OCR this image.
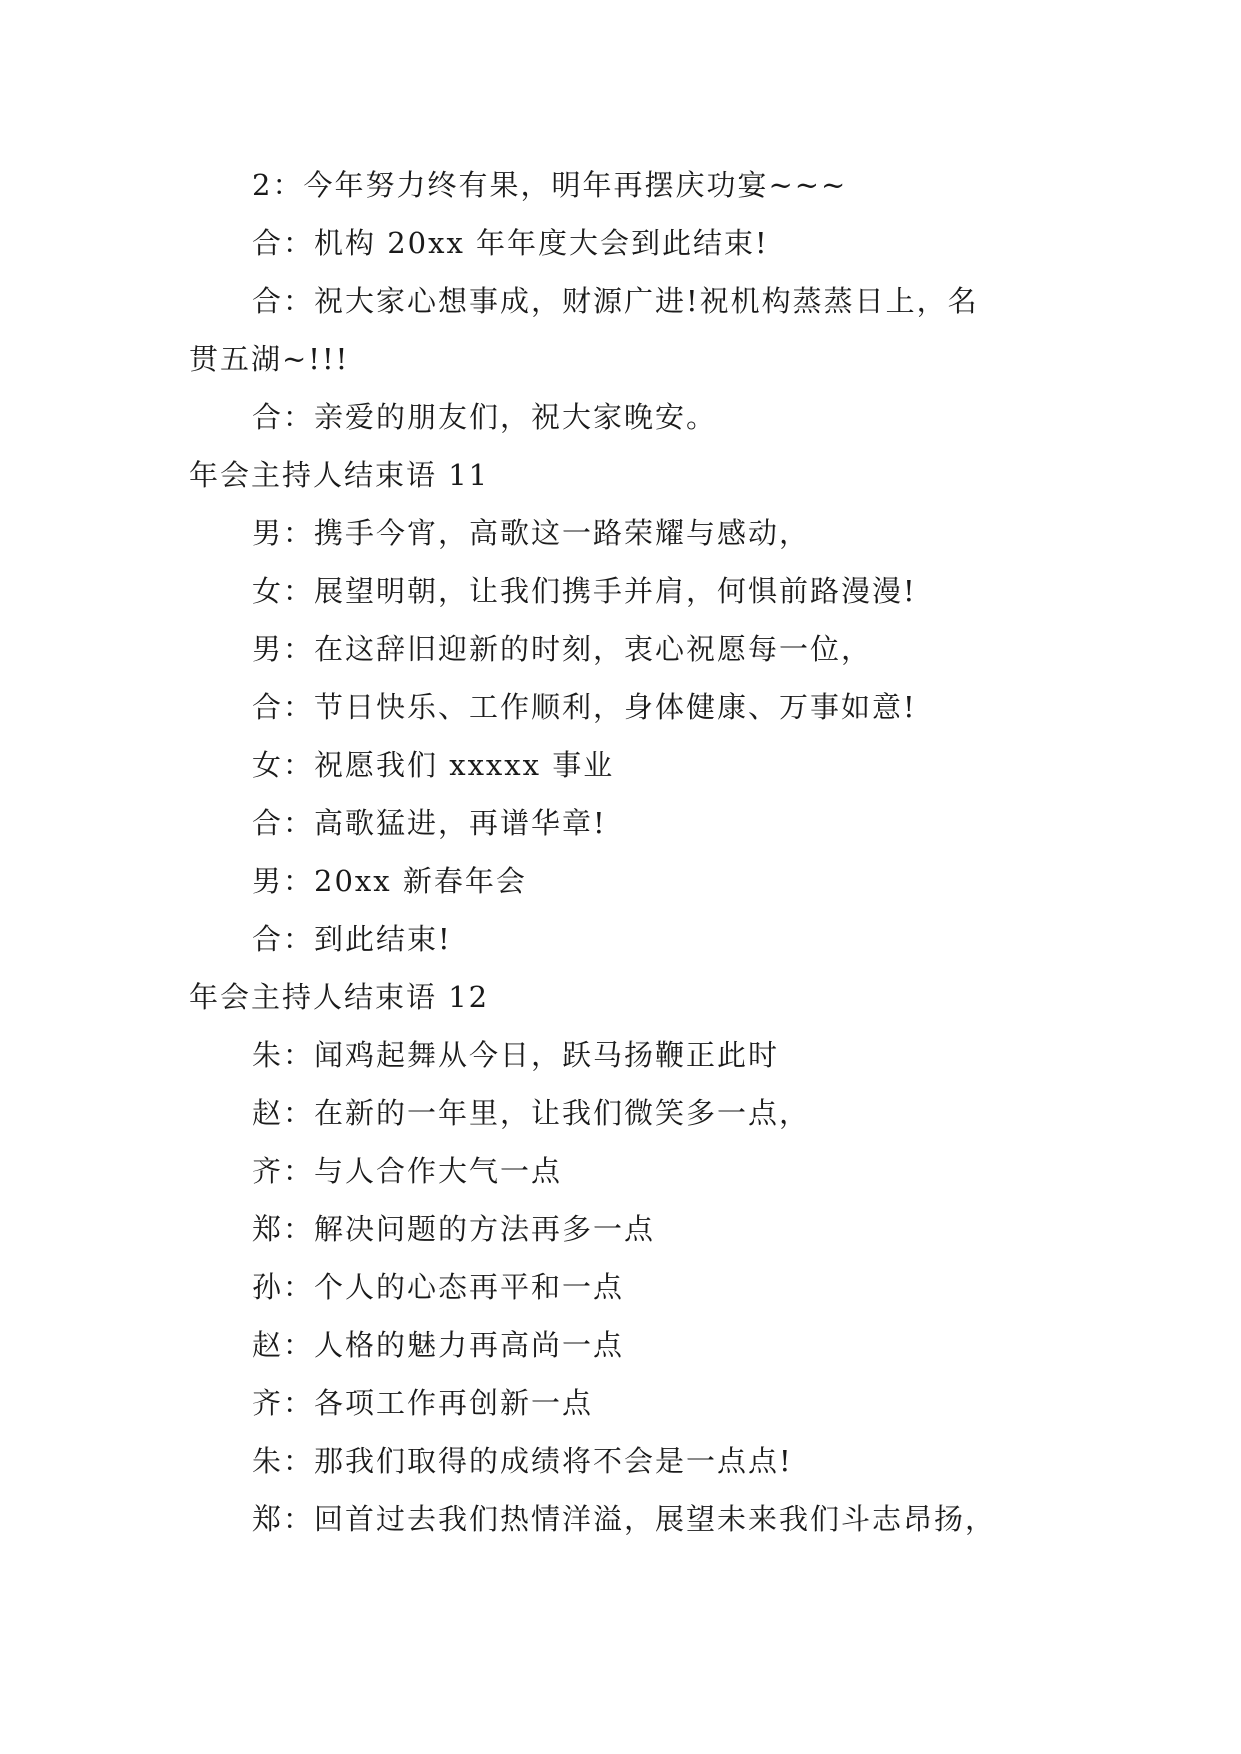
2：今年努力终有果，明年再摆庆功宴~~~
合：机构 20xx 年年度大会到此结束!
合：祝大家心想事成，财源广进!祝机构蒸蒸日上，名
贯五湖~!!!
合：亲爱的朋友们，祝大家晚安。
年会主持人结束语 11
男：携手今宵，高歌这一路荣耀与感动，
女：展望明朝，让我们携手并肩，何惧前路漫漫!
男：在这辞旧迎新的时刻，衷心祝愿每一位，
合：节日快乐、工作顺利，身体健康、万事如意!
女：祝愿我们 xxxxx 事业
合：高歌猛进，再谱华章!
男：20xx 新春年会
合：到此结束!
年会主持人结束语 12
朱：闻鸡起舞从今日，跃马扬鞭正此时
赵：在新的一年里，让我们微笑多一点，
齐：与人合作大气一点
郑：解决问题的方法再多一点
孙：个人的心态再平和一点
赵：人格的魅力再高尚一点
齐：各项工作再创新一点
朱：那我们取得的成绩将不会是一点点!
郑：回首过去我们热情洋溢，展望未来我们斗志昂扬，
